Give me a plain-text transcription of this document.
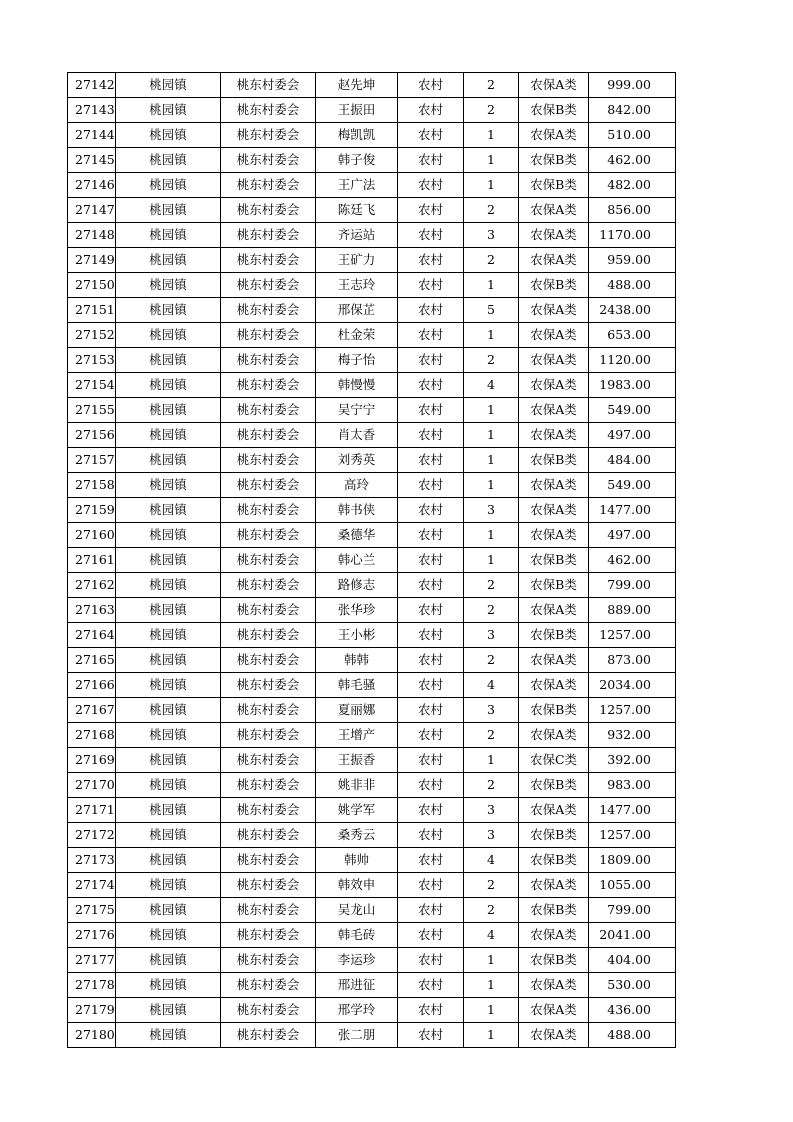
27142	桃园镇	桃东村委会	赵先坤	农村	2	农保A类	999.00
27143	桃园镇	桃东村委会	王振田	农村	2	农保B类	842.00
27144	桃园镇	桃东村委会	梅凯凯	农村	1	农保A类	510.00
27145	桃园镇	桃东村委会	韩子俊	农村	1	农保B类	462.00
27146	桃园镇	桃东村委会	王广法	农村	1	农保B类	482.00
27147	桃园镇	桃东村委会	陈廷飞	农村	2	农保A类	856.00
27148	桃园镇	桃东村委会	齐运站	农村	3	农保A类	1170.00
27149	桃园镇	桃东村委会	王矿力	农村	2	农保A类	959.00
27150	桃园镇	桃东村委会	王志玲	农村	1	农保B类	488.00
27151	桃园镇	桃东村委会	邢保芷	农村	5	农保A类	2438.00
27152	桃园镇	桃东村委会	杜金荣	农村	1	农保A类	653.00
27153	桃园镇	桃东村委会	梅子怡	农村	2	农保A类	1120.00
27154	桃园镇	桃东村委会	韩慢慢	农村	4	农保A类	1983.00
27155	桃园镇	桃东村委会	吴宁宁	农村	1	农保A类	549.00
27156	桃园镇	桃东村委会	肖太香	农村	1	农保A类	497.00
27157	桃园镇	桃东村委会	刘秀英	农村	1	农保B类	484.00
27158	桃园镇	桃东村委会	高玲	农村	1	农保A类	549.00
27159	桃园镇	桃东村委会	韩书侠	农村	3	农保A类	1477.00
27160	桃园镇	桃东村委会	桑德华	农村	1	农保A类	497.00
27161	桃园镇	桃东村委会	韩心兰	农村	1	农保B类	462.00
27162	桃园镇	桃东村委会	路修志	农村	2	农保B类	799.00
27163	桃园镇	桃东村委会	张华珍	农村	2	农保A类	889.00
27164	桃园镇	桃东村委会	王小彬	农村	3	农保B类	1257.00
27165	桃园镇	桃东村委会	韩韩	农村	2	农保A类	873.00
27166	桃园镇	桃东村委会	韩毛骚	农村	4	农保A类	2034.00
27167	桃园镇	桃东村委会	夏丽娜	农村	3	农保B类	1257.00
27168	桃园镇	桃东村委会	王增产	农村	2	农保A类	932.00
27169	桃园镇	桃东村委会	王振香	农村	1	农保C类	392.00
27170	桃园镇	桃东村委会	姚非非	农村	2	农保B类	983.00
27171	桃园镇	桃东村委会	姚学军	农村	3	农保A类	1477.00
27172	桃园镇	桃东村委会	桑秀云	农村	3	农保B类	1257.00
27173	桃园镇	桃东村委会	韩帅	农村	4	农保B类	1809.00
27174	桃园镇	桃东村委会	韩效申	农村	2	农保A类	1055.00
27175	桃园镇	桃东村委会	吴龙山	农村	2	农保B类	799.00
27176	桃园镇	桃东村委会	韩毛砖	农村	4	农保A类	2041.00
27177	桃园镇	桃东村委会	李运珍	农村	1	农保B类	404.00
27178	桃园镇	桃东村委会	邢进征	农村	1	农保A类	530.00
27179	桃园镇	桃东村委会	邢学玲	农村	1	农保A类	436.00
27180	桃园镇	桃东村委会	张二朋	农村	1	农保A类	488.00
